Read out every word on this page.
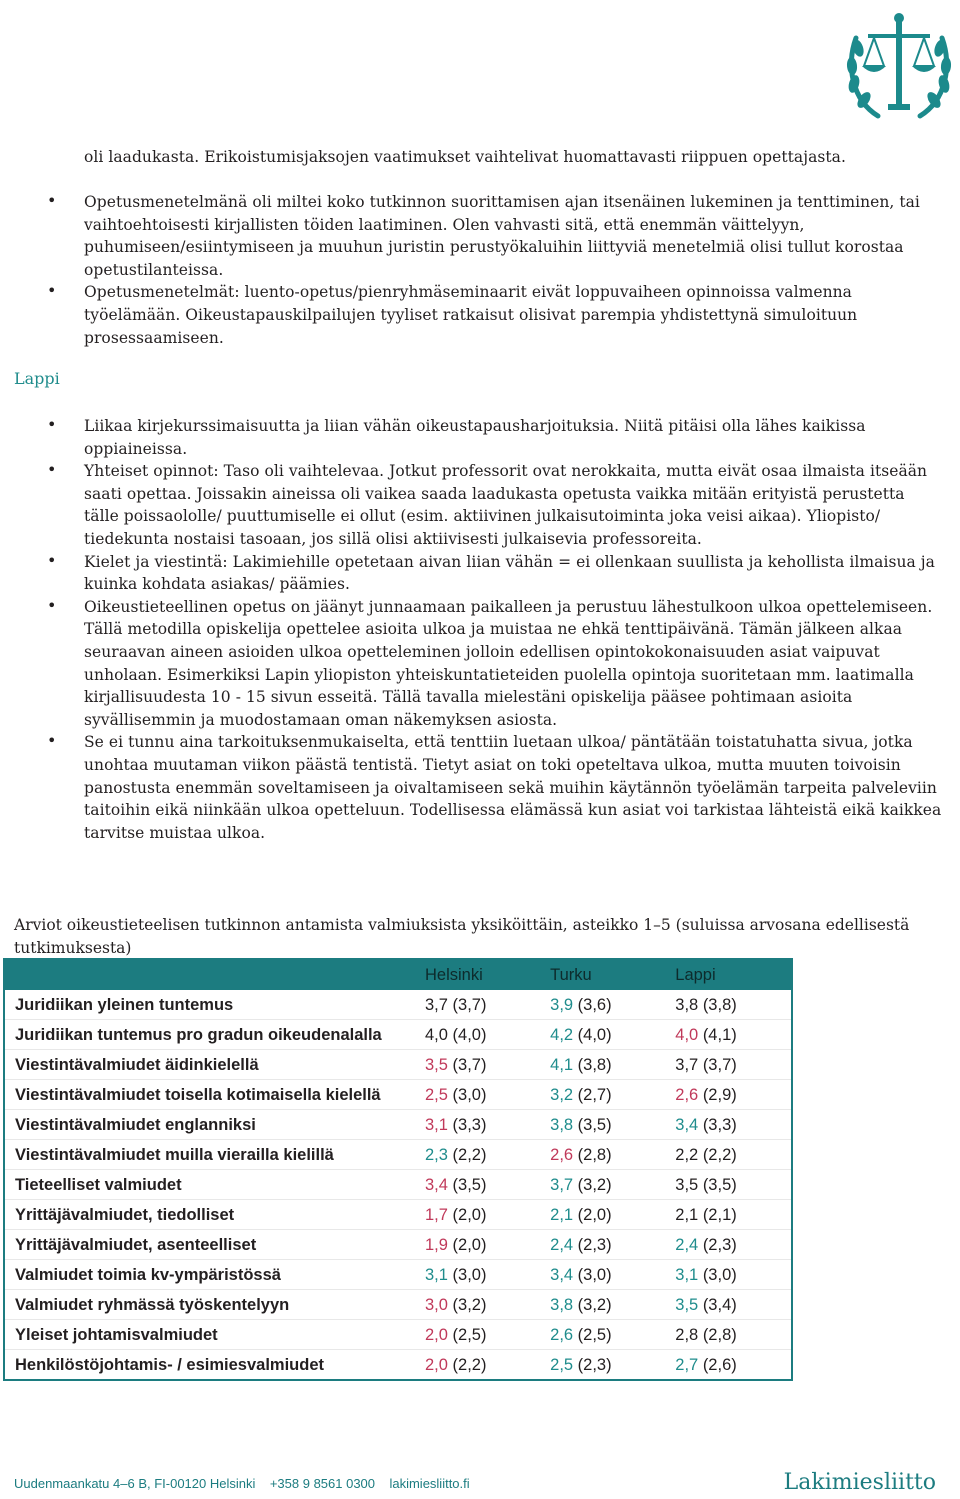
oli laadukasta. Erikoistumisjaksojen vaatimukset vaihtelivat huomattavasti riippuen opettajasta.
• Opetusmenetelmänä oli miltei koko tutkinnon suorittamisen ajan itsenäinen lukeminen ja tenttiminen, tai vaihtoehtoisesti kirjallisten töiden laatiminen. Olen vahvasti sitä, että enemmän väittelyyn, puhumiseen/esiintymiseen ja muuhun juristin perustyökaluihin liittyviä menetelmiä olisi tullut korostaa opetustilanteissa.
• Opetusmenetelmät: luento-opetus/pienryhmäseminaarit eivät loppuvaiheen opinnoissa valmenna työelämään. Oikeustapauskilpailujen tyyliset ratkaisut olisivat parempia yhdistettynä simuloituun prosessaamiseen.
Lappi
• Liikaa kirjekurssimaisuutta ja liian vähän oikeustapausharjoituksia. Niitä pitäisi olla lähes kaikissa oppiaineissa.
• Yhteiset opinnot: Taso oli vaihtelevaa. Jotkut professorit ovat nerokkaita, mutta eivät osaa ilmaista itseään saati opettaa. Joissakin aineissa oli vaikea saada laadukasta opetusta vaikka mitään erityistä perustetta tälle poissaololle/ puuttumiselle ei ollut (esim. aktiivinen julkaisutoiminta joka veisi aikaa). Yliopisto/ tiedekunta nostaisi tasoaan, jos sillä olisi aktiivisesti julkaisevia professoreita.
• Kielet ja viestintä: Lakimiehille opetetaan aivan liian vähän = ei ollenkaan suullista ja kehollista ilmaisua ja kuinka kohdata asiakas/ päämies.
• Oikeustieteellinen opetus on jäänyt junnaamaan paikalleen ja perustuu lähestulkoon ulkoa opettelemiseen. Tällä metodilla opiskelija opettelee asioita ulkoa ja muistaa ne ehkä tenttipäivänä. Tämän jälkeen alkaa seuraavan aineen asioiden ulkoa opetteleminen jolloin edellisen opintokokonaisuuden asiat vaipuvat unholaan. Esimerkiksi Lapin yliopiston yhteiskuntatieteiden puolella opintoja suoritetaan mm. laatimalla kirjallisuudesta 10 - 15 sivun esseitä. Tällä tavalla mielestäni opiskelija pääsee pohtimaan asioita syvällisemmin ja muodostamaan oman näkemyksen asiosta.
• Se ei tunnu aina tarkoituksenmukaiselta, että tenttiin luetaan ulkoa/ päntätään toistatuhatta sivua, jotka unohtaa muutaman viikon päästä tentistä. Tietyt asiat on toki opeteltava ulkoa, mutta muuten toivoisin panostusta enemmän soveltamiseen ja oivaltamiseen sekä muihin käytännön työelämän tarpeita palveleviin taitoihin eikä niinkään ulkoa opetteluun. Todellisessa elämässä kun asiat voi tarkistaa lähteistä eikä kaikkea tarvitse muistaa ulkoa.
Arviot oikeustieteelisen tutkinnon antamista valmiuksista yksiköittäin, asteikko 1–5 (suluissa arvosana edellisestä tutkimuksesta)
	Helsinki	Turku	Lappi
Juridiikan yleinen tuntemus	3,7 (3,7)	3,9 (3,6)	3,8 (3,8)
Juridiikan tuntemus pro gradun oikeudenalalla	4,0 (4,0)	4,2 (4,0)	4,0 (4,1)
Viestintävalmiudet äidinkielellä	3,5 (3,7)	4,1 (3,8)	3,7 (3,7)
Viestintävalmiudet toisella kotimaisella kielellä	2,5 (3,0)	3,2 (2,7)	2,6 (2,9)
Viestintävalmiudet englanniksi	3,1 (3,3)	3,8 (3,5)	3,4 (3,3)
Viestintävalmiudet muilla vierailla kielillä	2,3 (2,2)	2,6 (2,8)	2,2 (2,2)
Tieteelliset valmiudet	3,4 (3,5)	3,7 (3,2)	3,5 (3,5)
Yrittäjävalmiudet, tiedolliset	1,7 (2,0)	2,1 (2,0)	2,1 (2,1)
Yrittäjävalmiudet, asenteelliset	1,9 (2,0)	2,4 (2,3)	2,4 (2,3)
Valmiudet toimia kv-ympäristössä	3,1 (3,0)	3,4 (3,0)	3,1 (3,0)
Valmiudet ryhmässä työskentelyyn	3,0 (3,2)	3,8 (3,2)	3,5 (3,4)
Yleiset johtamisvalmiudet	2,0 (2,5)	2,6 (2,5)	2,8 (2,8)
Henkilöstöjohtamis- / esimiesvalmiudet	2,0 (2,2)	2,5 (2,3)	2,7 (2,6)
Uudenmaankatu 4–6 B, FI-00120 Helsinki +358 9 8561 0300 lakimiesliitto.fi	Lakimiesliitto
